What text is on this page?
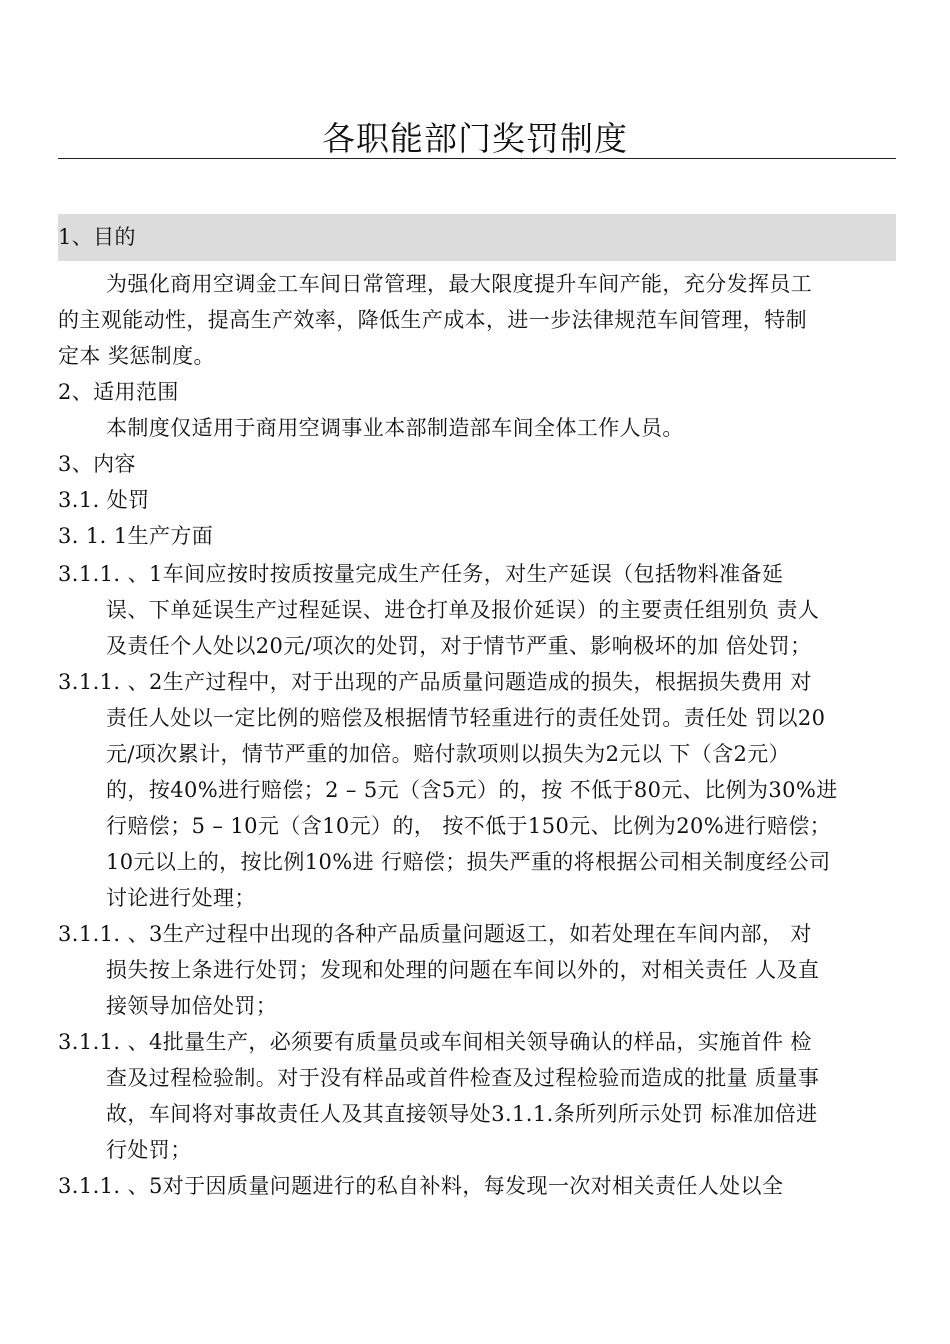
各职能部门奖罚制度
1、目的
为强化商用空调金工车间日常管理，最大限度提升车间产能，充分发挥员工
的主观能动性，提高生产效率，降低生产成本，进一步法律规范车间管理，特制
定本 奖惩制度。
2、适用范围
本制度仅适用于商用空调事业本部制造部车间全体工作人员。
3、内容
3.1. 处罚
3. 1. 1生产方面
3.1.1. 、1车间应按时按质按量完成生产任务，对生产延误（包括物料准备延
误、下单延误生产过程延误、进仓打单及报价延误）的主要责任组别负 责人
及责任个人处以20元/项次的处罚，对于情节严重、影响极坏的加 倍处罚；
3.1.1. 、2生产过程中，对于出现的产品质量问题造成的损失，根据损失费用 对
责任人处以一定比例的赔偿及根据情节轻重进行的责任处罚。责任处 罚以20
元/项次累计，情节严重的加倍。赔付款项则以损失为2元以 下（含2元）
的，按40%进行赔偿；2 – 5元（含5元）的，按 不低于80元、比例为30%进
行赔偿；5 – 10元（含10元）的， 按不低于150元、比例为20%进行赔偿；
10元以上的，按比例10%进 行赔偿；损失严重的将根据公司相关制度经公司
讨论进行处理；
3.1.1. 、3生产过程中出现的各种产品质量问题返工，如若处理在车间内部， 对
损失按上条进行处罚；发现和处理的问题在车间以外的，对相关责任 人及直
接领导加倍处罚；
3.1.1. 、4批量生产，必须要有质量员或车间相关领导确认的样品，实施首件 检
查及过程检验制。对于没有样品或首件检查及过程检验而造成的批量 质量事
故，车间将对事故责任人及其直接领导处3.1.1.条所列所示处罚 标准加倍进
行处罚；
3.1.1. 、5对于因质量问题进行的私自补料，每发现一次对相关责任人处以全
